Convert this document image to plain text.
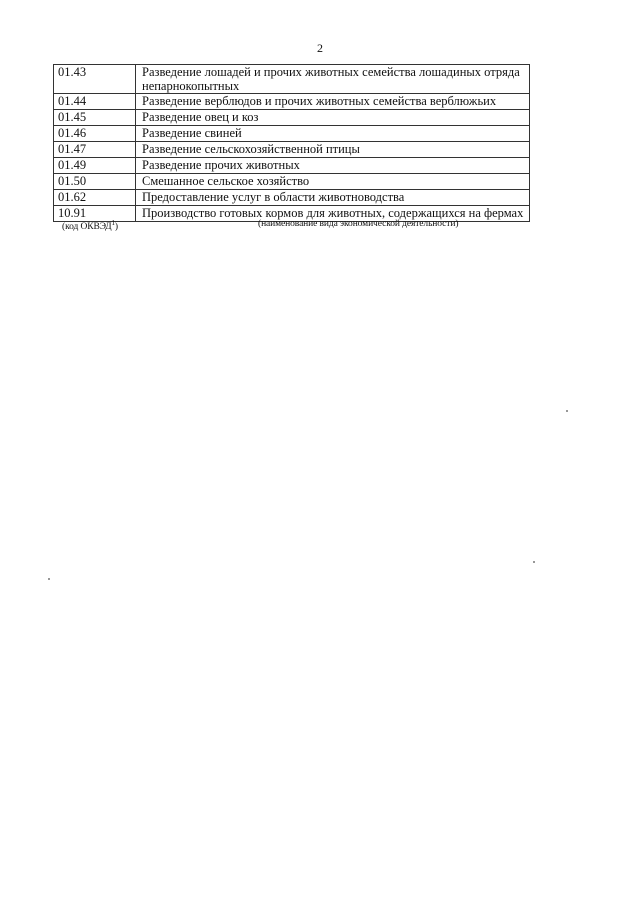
2
01.43	Разведение лошадей и прочих животных семейства лошадиных отряда непарнокопытных
01.44	Разведение верблюдов и прочих животных семейства верблюжьих
01.45	Разведение овец и коз
01.46	Разведение свиней
01.47	Разведение сельскохозяйственной птицы
01.49	Разведение прочих животных
01.50	Смешанное сельское хозяйство
01.62	Предоставление услуг в области животноводства
10.91	Производство готовых кормов для животных, содержащихся на фермах
(код ОКВЭД$^1$)	(наименование вида экономической деятельности)
